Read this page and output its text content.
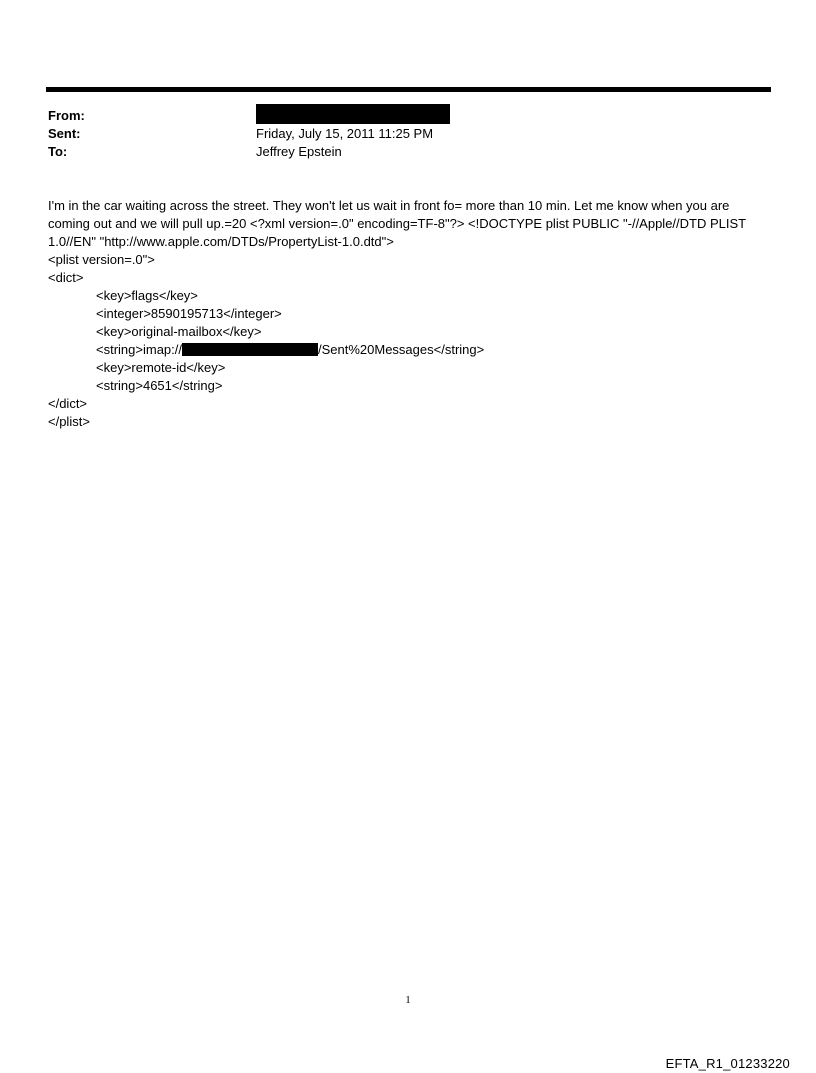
From:
Sent:	Friday, July 15, 2011 11:25 PM
To:	Jeffrey Epstein
I'm in the car waiting across the street. They won't let us wait in front fo= more than 10 min. Let me know when you are
coming out and we will pull up.=20 <?xml version=.0" encoding=TF-8"?> <!DOCTYPE plist PUBLIC "-//Apple//DTD PLIST
1.0//EN" "http://www.apple.com/DTDs/PropertyList-1.0.dtd">
<plist version=.0">
<dict>
<key>flags</key>
<integer>8590195713</integer>
<key>original-mailbox</key>
<string>imap://	/Sent%20Messages</string>
<key>remote-id</key>
<string>4651</string>
</dict>
</plist>
1
EFTA_R1_01233220
